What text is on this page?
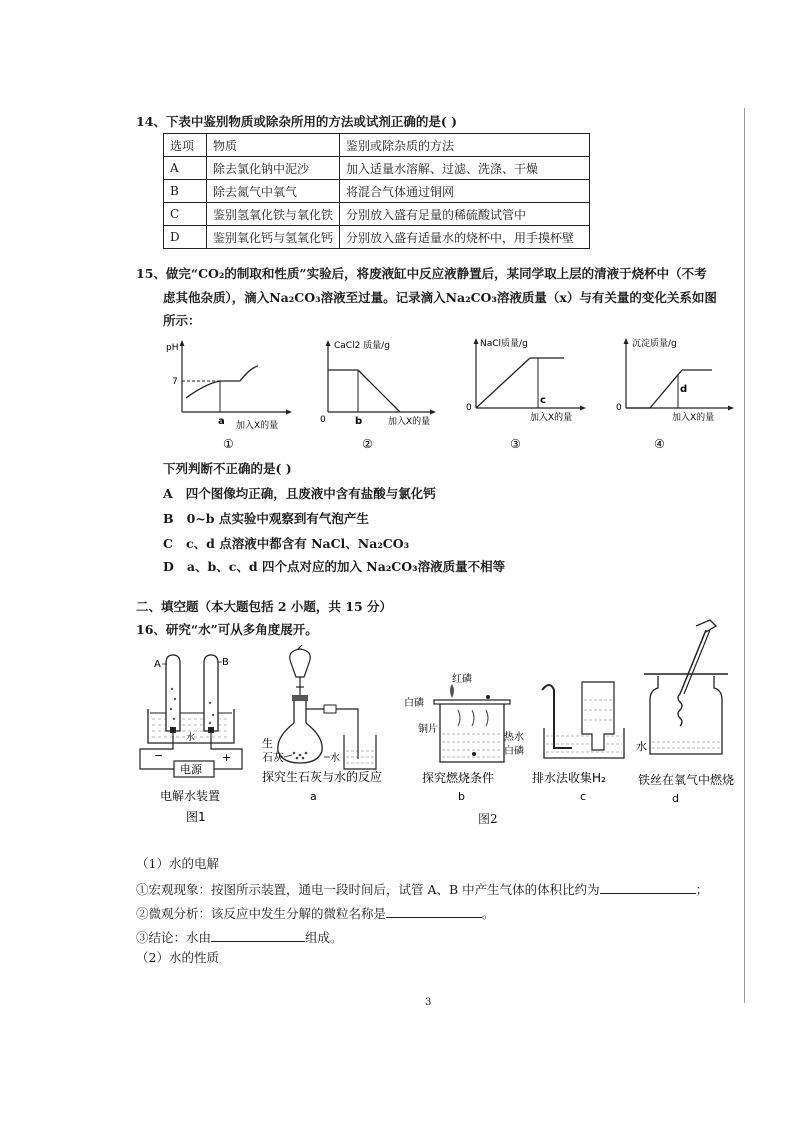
14、下表中鉴别物质或除杂所用的方法或试剂正确的是( )
选项	物质	鉴别或除杂质的方法
A	除去氯化钠中泥沙	加入适量水溶解、过滤、洗涤、干燥
B	除去氮气中氧气	将混合气体通过铜网
C	鉴别氢氧化铁与氧化铁	分别放入盛有足量的稀硫酸试管中
D	鉴别氧化钙与氢氧化钙	分别放入盛有适量水的烧杯中，用手摸杯壁
15、做完“CO₂的制取和性质”实验后，将废液缸中反应液静置后，某同学取上层的清液于烧杯中（不考
虑其他杂质），滴入Na₂CO₃溶液至过量。记录滴入Na₂CO₃溶液质量（x）与有关量的变化关系如图
所示：
pH
7
a 加入X的量
①
CaCl2 质量/g
0	b	加入X的量
②
NaCl质量/g
0
c
加入X的量
③
沉淀质量/g
0
d
加入X的量
④
下列判断不正确的是( )
A 四个图像均正确，且废液中含有盐酸与氯化钙
B 0~b 点实验中观察到有气泡产生
C c、d 点溶液中都含有 NaCl、Na₂CO₃
D a、b、c、d 四个点对应的加入 Na₂CO₃溶液质量不相等
二、填空题（本大题包括 2 小题，共 15 分）
16、研究“水”可从多角度展开。
电源
−	+
A	B
水
电解水装置
图1
生
石灰	水
探究生石灰与水的反应
a
红磷
白磷
铜片
热水
白磷
探究燃烧条件
b
排水法收集H₂
c
水
铁丝在氧气中燃烧
d
图2
（1）水的电解
①宏观现象：按图所示装置，通电一段时间后，试管 A、B 中产生气体的体积比约为	；
②微观分析：该反应中发生分解的微粒名称是	。
③结论：水由	组成。
（2）水的性质
3
